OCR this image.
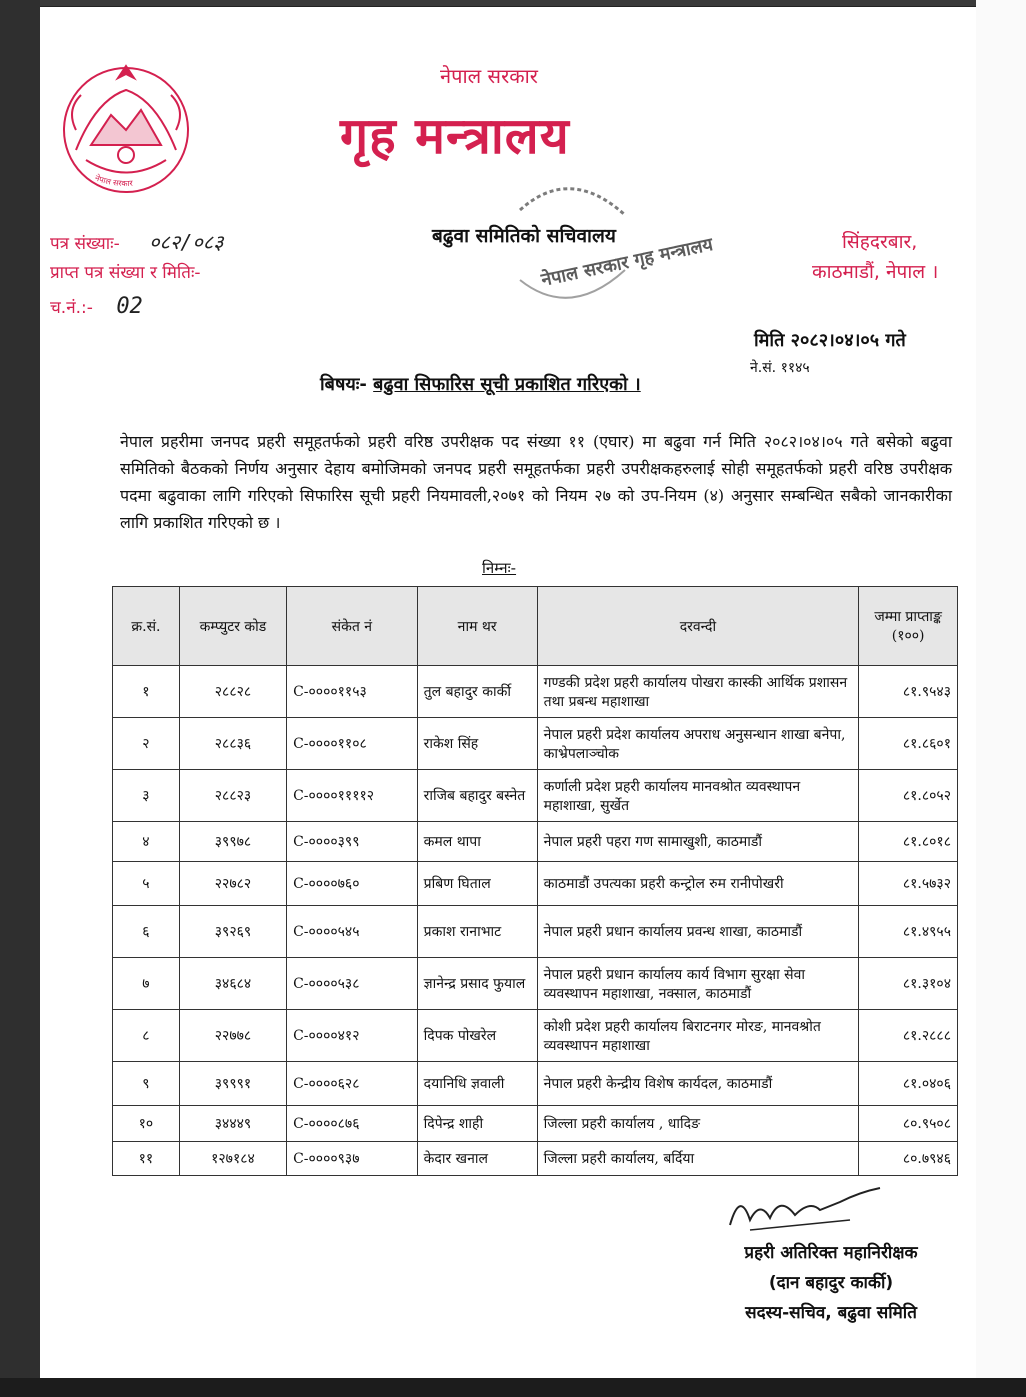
नेपाल सरकार
नेपाल सरकार
गृह मन्त्रालय
नेपाल सरकार गृह मन्त्रालय
बढुवा समितिको सचिवालय
पत्र संख्याः- ०८२/०८३
प्राप्त पत्र संख्या र मितिः-
च.नं.:- 02
सिंहदरबार,
काठमाडौं, नेपाल ।
मिति २०८२।०४।०५ गते
ने.सं. ११४५
बिषयः- बढुवा सिफारिस सूची प्रकाशित गरिएको ।
नेपाल प्रहरीमा जनपद प्रहरी समूहतर्फको प्रहरी वरिष्ठ उपरीक्षक पद संख्या ११ (एघार) मा बढुवा गर्न मिति २०८२।०४।०५ गते बसेको बढुवा समितिको बैठकको निर्णय अनुसार देहाय बमोजिमको जनपद प्रहरी समूहतर्फका प्रहरी उपरीक्षकहरुलाई सोही समूहतर्फको प्रहरी वरिष्ठ उपरीक्षक पदमा बढुवाका लागि गरिएको सिफारिस सूची प्रहरी नियमावली,२०७१ को नियम २७ को उप-नियम (४) अनुसार सम्बन्धित सबैको जानकारीका लागि प्रकाशित गरिएको छ ।
निम्नः-
क्र.सं.	कम्प्युटर कोड	संकेत नं	नाम थर	दरवन्दी	जम्मा प्राप्ताङ्क (१००)
१	२८८२८	C-००००११५३	तुल बहादुर कार्की	गण्डकी प्रदेश प्रहरी कार्यालय पोखरा कास्की आर्थिक प्रशासन तथा प्रबन्ध महाशाखा	८१.९५४३
२	२८८३६	C-००००११०८	राकेश सिंह	नेपाल प्रहरी प्रदेश कार्यालय अपराध अनुसन्धान शाखा बनेपा, काभ्रेपलाञ्चोक	८१.८६०१
३	२८८२३	C-००००११११२	राजिब बहादुर बस्नेत	कर्णाली प्रदेश प्रहरी कार्यालय मानवश्रोत व्यवस्थापन महाशाखा, सुर्खेत	८१.८०५२
४	३९९७८	C-००००३९९	कमल थापा	नेपाल प्रहरी पहरा गण सामाखुशी, काठमाडौं	८१.८०१८
५	२२७८२	C-००००७६०	प्रबिण घिताल	काठमाडौं उपत्यका प्रहरी कन्ट्रोल रुम रानीपोखरी	८१.५७३२
६	३९२६९	C-००००५४५	प्रकाश रानाभाट	नेपाल प्रहरी प्रधान कार्यालय प्रवन्ध शाखा, काठमाडौं	८१.४९५५
७	३४६८४	C-००००५३८	ज्ञानेन्द्र प्रसाद फुयाल	नेपाल प्रहरी प्रधान कार्यालय कार्य विभाग सुरक्षा सेवा व्यवस्थापन महाशाखा, नक्साल, काठमाडौं	८१.३१०४
८	२२७७८	C-००००४१२	दिपक पोखरेल	कोशी प्रदेश प्रहरी कार्यालय बिराटनगर मोरङ, मानवश्रोत व्यवस्थापन महाशाखा	८१.२८८८
९	३९९९१	C-००००६२८	दयानिधि ज्ञवाली	नेपाल प्रहरी केन्द्रीय विशेष कार्यदल, काठमाडौं	८१.०४०६
१०	३४४४९	C-००००८७६	दिपेन्द्र शाही	जिल्ला प्रहरी कार्यालय , धादिङ	८०.९५०८
११	१२७१८४	C-००००९३७	केदार खनाल	जिल्ला प्रहरी कार्यालय, बर्दिया	८०.७९४६
प्रहरी अतिरिक्त महानिरीक्षक
(दान बहादुर कार्की)
सदस्य-सचिव, बढुवा समिति
